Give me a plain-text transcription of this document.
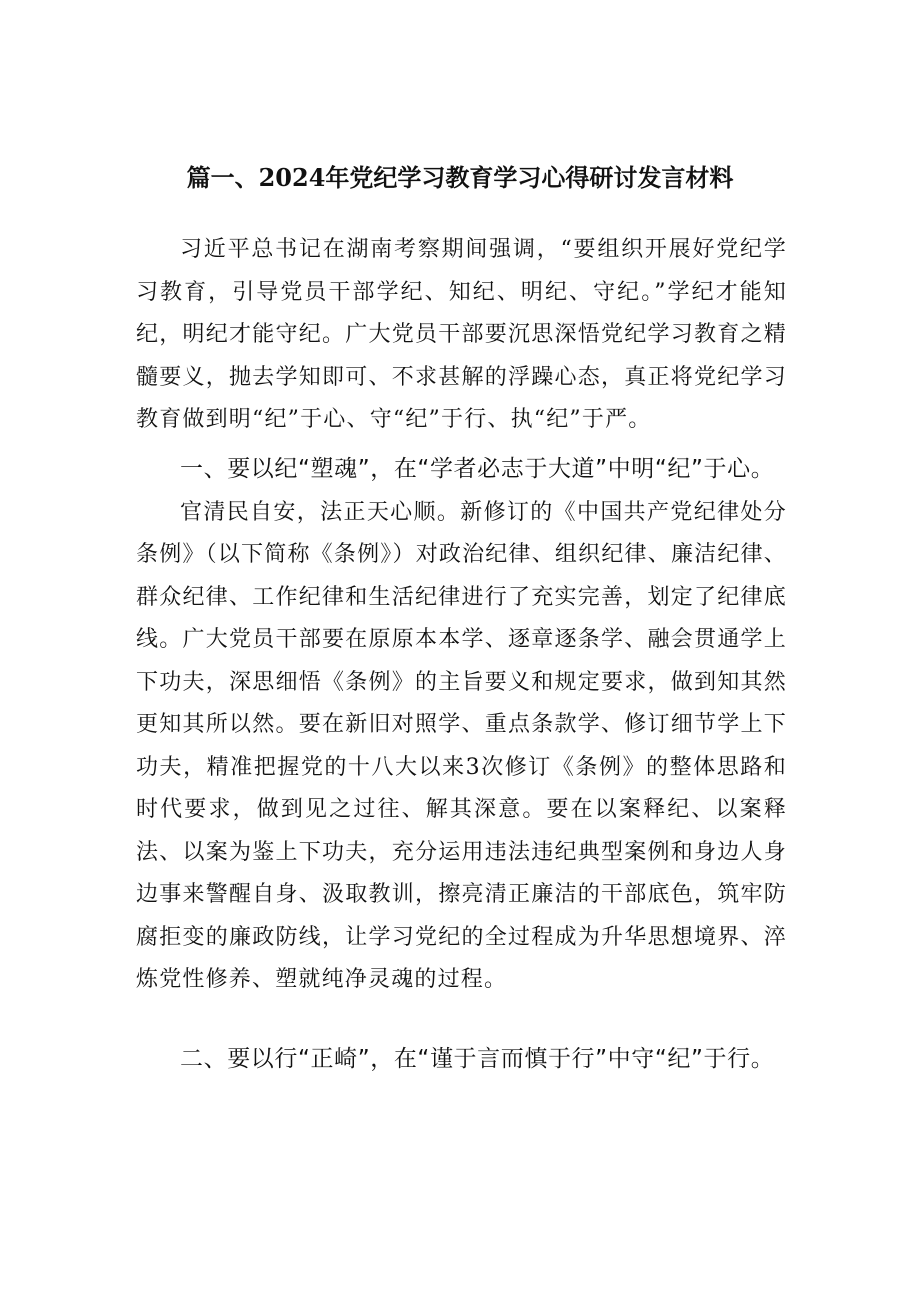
篇一、2024年党纪学习教育学习心得研讨发言材料

习近平总书记在湖南考察期间强调，“要组织开展好党纪学习教育，引导党员干部学纪、知纪、明纪、守纪。”学纪才能知纪，明纪才能守纪。广大党员干部要沉思深悟党纪学习教育之精髓要义，抛去学知即可、不求甚解的浮躁心态，真正将党纪学习教育做到明“纪”于心、守“纪”于行、执“纪”于严。

一、要以纪“塑魂”，在“学者必志于大道”中明“纪”于心。

官清民自安，法正天心顺。新修订的《中国共产党纪律处分条例》（以下简称《条例》）对政治纪律、组织纪律、廉洁纪律、群众纪律、工作纪律和生活纪律进行了充实完善，划定了纪律底线。广大党员干部要在原原本本学、逐章逐条学、融会贯通学上下功夫，深思细悟《条例》的主旨要义和规定要求，做到知其然更知其所以然。要在新旧对照学、重点条款学、修订细节学上下功夫，精准把握党的十八大以来3次修订《条例》的整体思路和时代要求，做到见之过往、解其深意。要在以案释纪、以案释法、以案为鉴上下功夫，充分运用违法违纪典型案例和身边人身边事来警醒自身、汲取教训，擦亮清正廉洁的干部底色，筑牢防腐拒变的廉政防线，让学习党纪的全过程成为升华思想境界、淬炼党性修养、塑就纯净灵魂的过程。

二、要以行“正崎”，在“谨于言而慎于行”中守“纪”于行。
